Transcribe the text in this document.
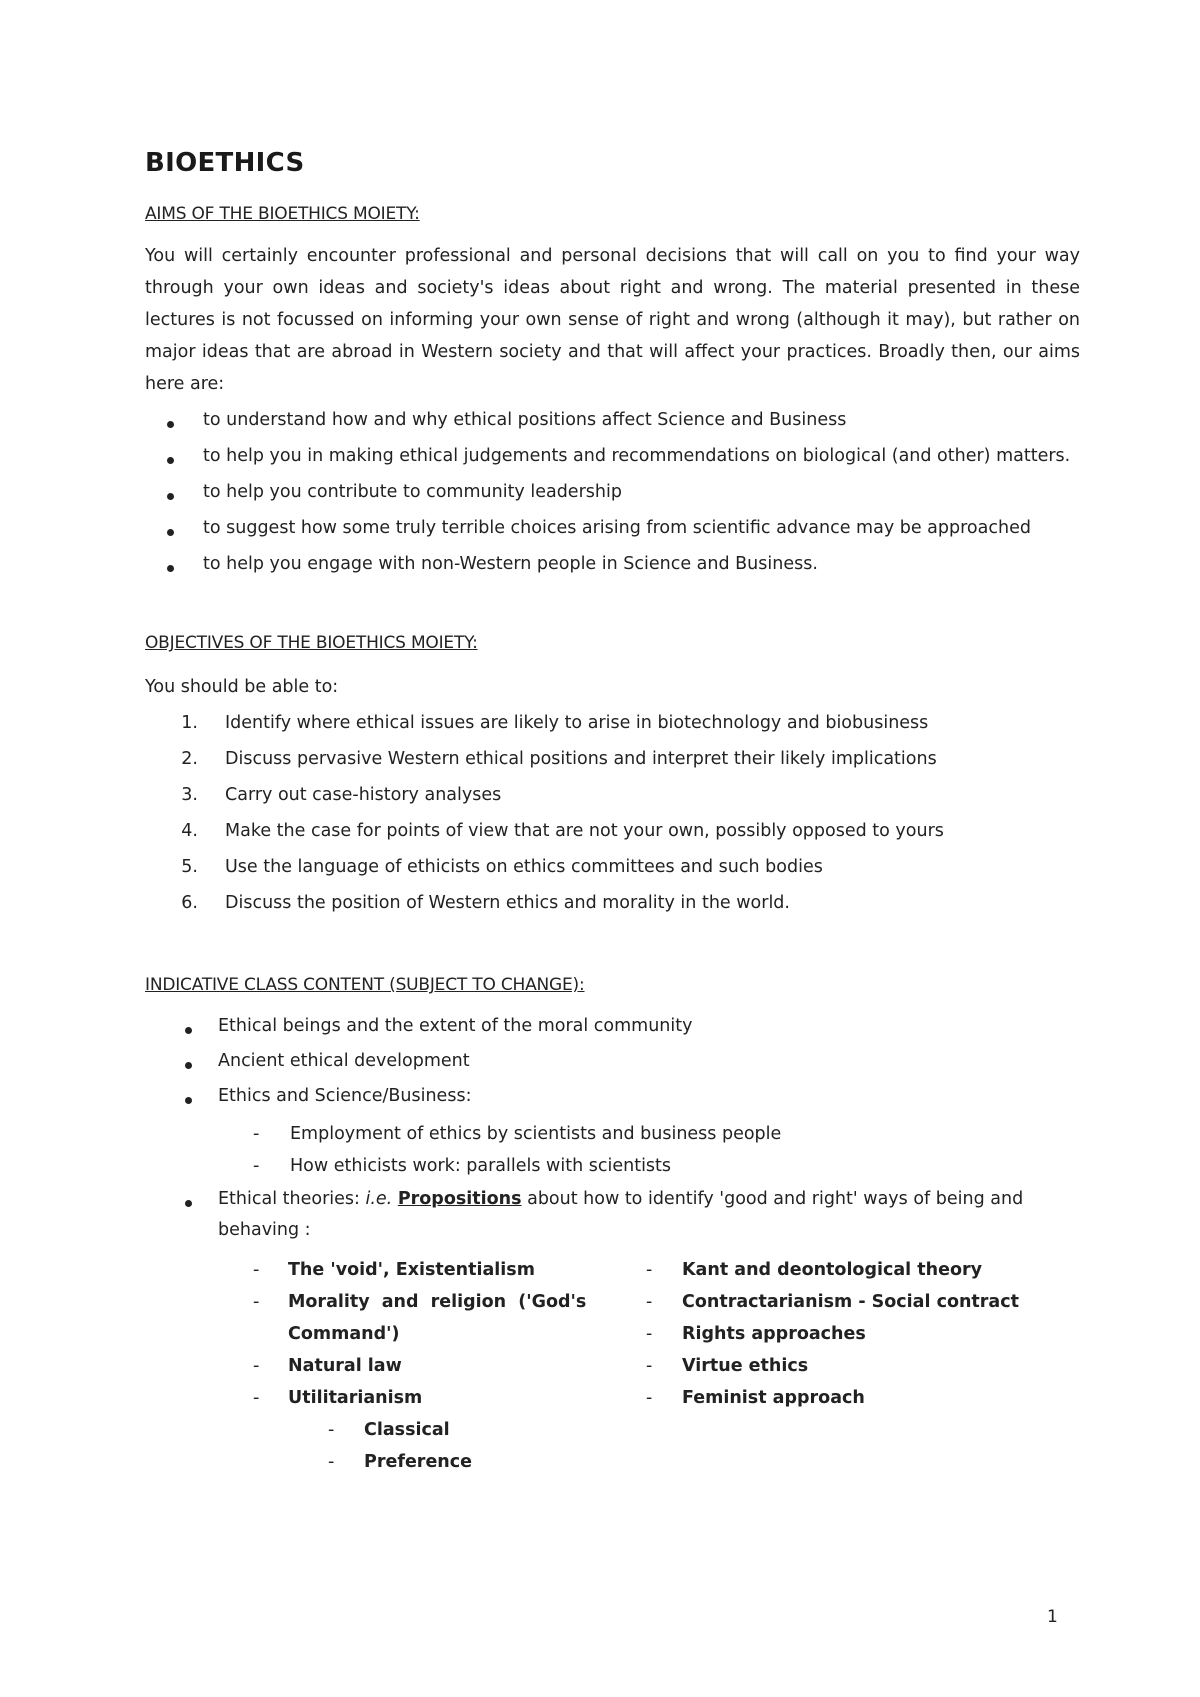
BIOETHICS
AIMS OF THE BIOETHICS MOIETY:
You will certainly encounter professional and personal decisions that will call on you to find your way through your own ideas and society's ideas about right and wrong. The material presented in these lectures is not focussed on informing your own sense of right and wrong (although it may), but rather on major ideas that are abroad in Western society and that will affect your practices. Broadly then, our aims here are:
to understand how and why ethical positions affect Science and Business
to help you in making ethical judgements and recommendations on biological (and other) matters.
to help you contribute to community leadership
to suggest how some truly terrible choices arising from scientific advance may be approached
to help you engage with non-Western people in Science and Business.
OBJECTIVES OF THE BIOETHICS MOIETY:
You should be able to:
1. Identify where ethical issues are likely to arise in biotechnology and biobusiness
2. Discuss pervasive Western ethical positions and interpret their likely implications
3. Carry out case-history analyses
4. Make the case for points of view that are not your own, possibly opposed to yours
5. Use the language of ethicists on ethics committees and such bodies
6. Discuss the position of Western ethics and morality in the world.
INDICATIVE CLASS CONTENT (SUBJECT TO CHANGE):
Ethical beings and the extent of the moral community
Ancient ethical development
Ethics and Science/Business:
- Employment of ethics by scientists and business people
- How ethicists work: parallels with scientists
Ethical theories: i.e. Propositions about how to identify 'good and right' ways of being and
behaving :
- The 'void', Existentialism
- Morality and religion ('God's
Command')
- Natural law
- Utilitarianism
- Classical
- Preference
- Kant and deontological theory
- Contractarianism - Social contract
- Rights approaches
- Virtue ethics
- Feminist approach
1
